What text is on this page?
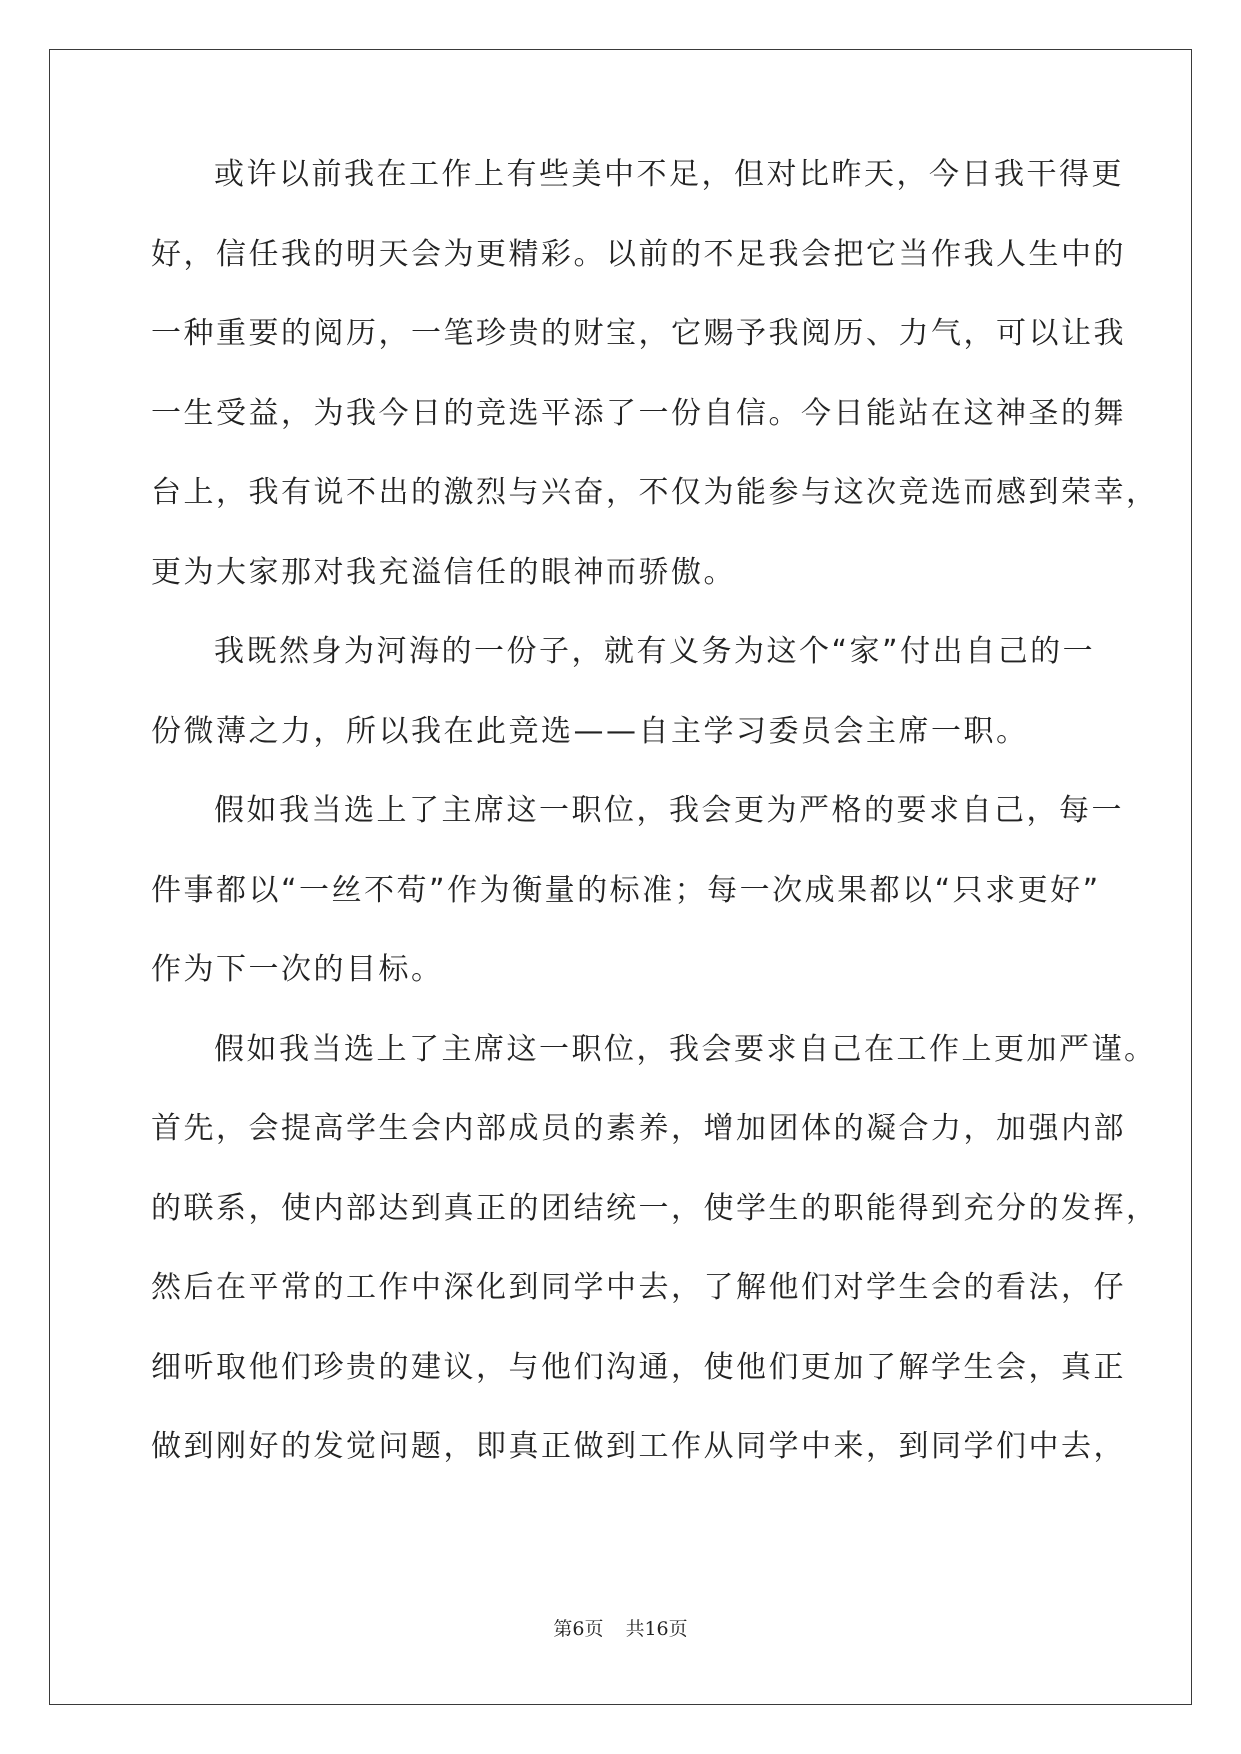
或许以前我在工作上有些美中不足，但对比昨天，今日我干得更
好，信任我的明天会为更精彩。以前的不足我会把它当作我人生中的
一种重要的阅历，一笔珍贵的财宝，它赐予我阅历、力气，可以让我
一生受益，为我今日的竞选平添了一份自信。今日能站在这神圣的舞
台上，我有说不出的激烈与兴奋，不仅为能参与这次竞选而感到荣幸，
更为大家那对我充溢信任的眼神而骄傲。
我既然身为河海的一份子，就有义务为这个“家”付出自己的一
份微薄之力，所以我在此竞选——自主学习委员会主席一职。
假如我当选上了主席这一职位，我会更为严格的要求自己，每一
件事都以“一丝不苟”作为衡量的标准；每一次成果都以“只求更好”
作为下一次的目标。
假如我当选上了主席这一职位，我会要求自己在工作上更加严谨。
首先，会提高学生会内部成员的素养，增加团体的凝合力，加强内部
的联系，使内部达到真正的团结统一，使学生的职能得到充分的发挥，
然后在平常的工作中深化到同学中去，了解他们对学生会的看法，仔
细听取他们珍贵的建议，与他们沟通，使他们更加了解学生会，真正
做到刚好的发觉问题，即真正做到工作从同学中来，到同学们中去，
第6页 共16页
